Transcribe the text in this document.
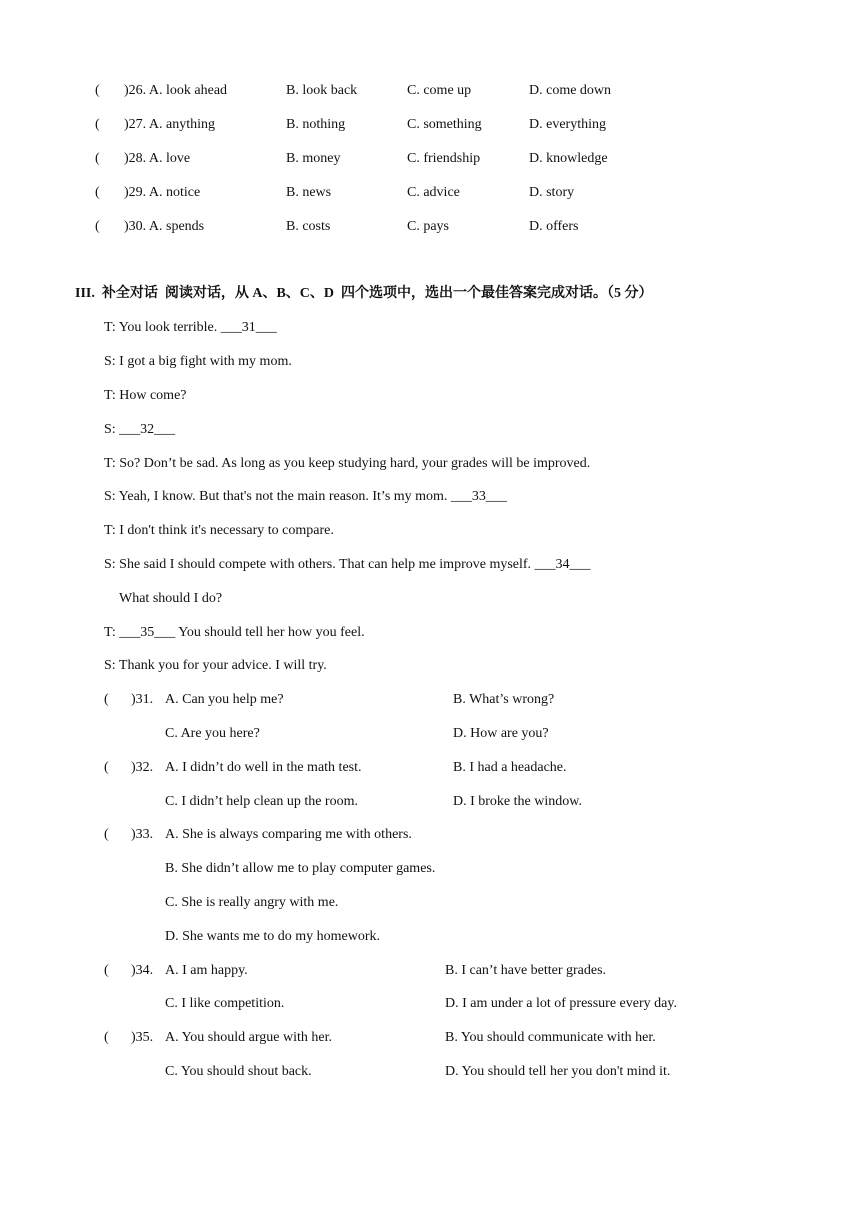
( )26. A. look ahead	B. look back	C. come up	D. come down
( )27. A. anything	B. nothing	C. something	D. everything
( )28. A. love	B. money	C. friendship	D. knowledge
( )29. A. notice	B. news	C. advice	D. story
( )30. A. spends	B. costs	C. pays	D. offers
III.  补全对话  阅读对话，从 A、B、C、D  四个选项中，选出一个最佳答案完成对话。（5 分）
T: You look terrible. ___31___
S: I got a big fight with my mom.
T: How come?
S: ___32___
T: So? Don’t be sad. As long as you keep studying hard, your grades will be improved.
S: Yeah, I know. But that's not the main reason. It’s my mom. ___33___
T: I don't think it's necessary to compare.
S: She said I should compete with others. That can help me improve myself. ___34___
What should I do?
T: ___35___ You should tell her how you feel.
S: Thank you for your advice. I will try.
( )31. A. Can you help me?	B. What’s wrong?
C. Are you here?	D. How are you?
( )32. A. I didn’t do well in the math test.	B. I had a headache.
C. I didn’t help clean up the room.	D. I broke the window.
( )33. A. She is always comparing me with others.
B. She didn’t allow me to play computer games.
C. She is really angry with me.
D. She wants me to do my homework.
( )34. A. I am happy.	B. I can’t have better grades.
C. I like competition.	D. I am under a lot of pressure every day.
( )35. A. You should argue with her.	B. You should communicate with her.
C. You should shout back.	D. You should tell her you don't mind it.
